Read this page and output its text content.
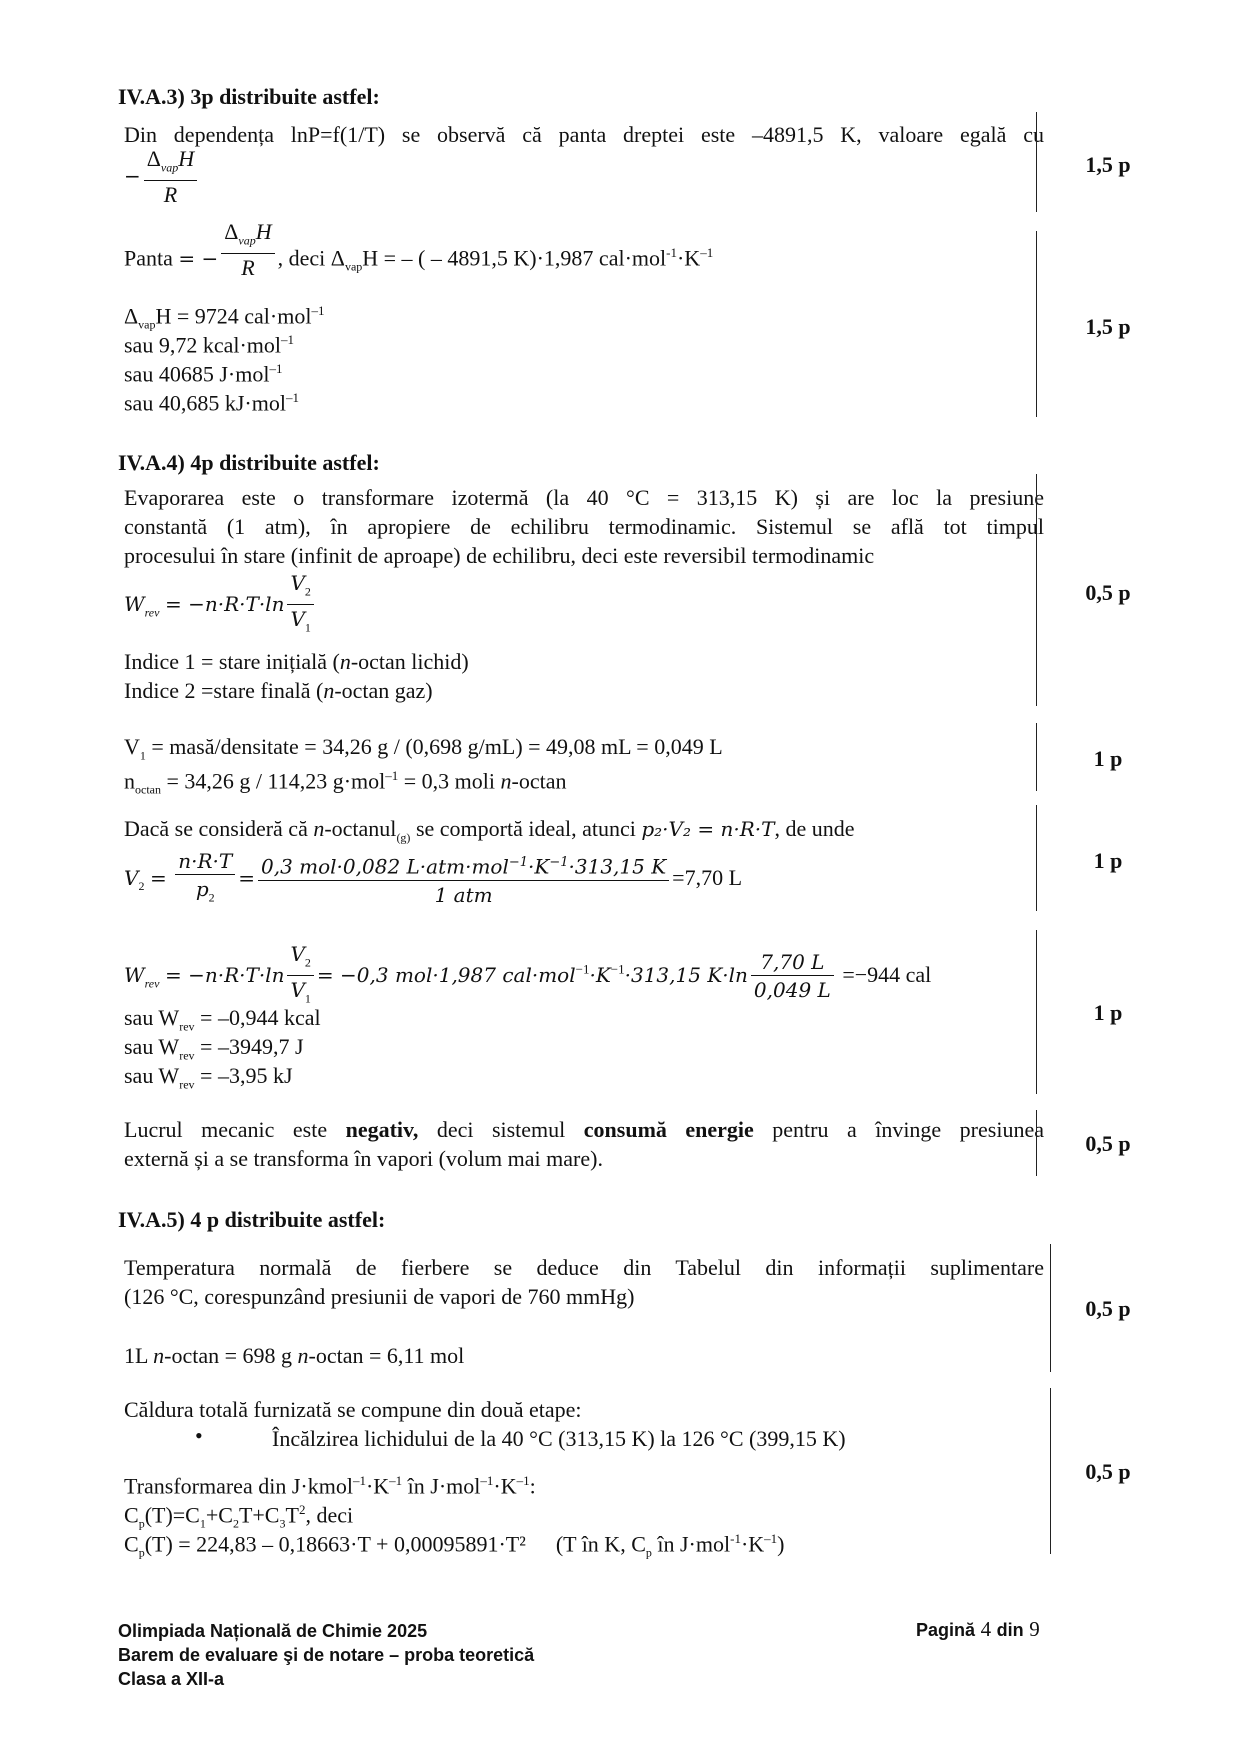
IV.A.3) 3p distribuite astfel:
Din dependența lnP=f(1/T) se observă că panta dreptei este –4891,5 K, valoare egală cu
− $\frac{\Delta_{vap}H}{R}$	1,5 p
Panta = − $\frac{\Delta_{vap}H}{R}$ , deci $\Delta_{vap}H$ = – ( – 4891,5 K)·1,987 $cal\cdot mol^{-1}\cdot K^{-1}$
$\Delta_{vap}H = 9724$ cal·mol$^{-1}$
sau 9,72 kcal·mol$^{-1}$
sau 40685 J·mol$^{-1}$
sau 40,685 kJ·mol$^{-1}$
1,5 p
IV.A.4) 4p distribuite astfel:
Evaporarea este o transformare izotermă (la 40 °C = 313,15 K) și are loc la presiune
constantă (1 atm), în apropiere de echilibru termodinamic. Sistemul se află tot timpul
procesului în stare (infinit de aproape) de echilibru, deci este reversibil termodinamic
$W_{rev} = -n\cdot R\cdot T\cdot\ln \frac{V_2}{V_1}$
Indice 1 = stare inițială (n-octan lichid)
Indice 2 =stare finală (n-octan gaz)
0,5 p
$V_1$ = masă/densitate = 34,26 g / (0,698 g/mL) = 49,08 mL = 0,049 L
$n_{octan} = 34,26$ g / 114,23 g·mol$^{-1}$ = 0,3 moli n-octan
1 p
Dacă se consideră că n-octanul$_{(g)}$ se comportă ideal, atunci p₂·V₂ = n·R·T, de unde
$V_2 = \frac{n\cdot R\cdot T}{p_2} = \frac{0,3 mol\cdot 0,082 L\cdot atm\cdot mol^{-1}\cdot K^{-1}\cdot 313,15 K}{\text{1 atm}} =7,70$ L
1 p
$W_{rev} = -n\cdot R\cdot T\cdot\ln \frac{V_2}{V_1} = -0,3$ mol·1,987 $cal\cdot mol^{-1}\cdot K^{-1}\cdot 313,15$ $K\cdot\ln \frac{7,70 L}{0,049 L} =-944$ cal
sau $W_{rev} = -0,944$ kcal
sau $W_{rev} = -3949,7$ J
sau $W_{rev} = -3,95$ kJ
1 p
Lucrul mecanic este negativ, deci sistemul consumă energie pentru a învinge presiunea
externă și a se transforma în vapori (volum mai mare).
0,5 p
IV.A.5) 4 p distribuite astfel:
Temperatura normală de fierbere se deduce din Tabelul din informații suplimentare
(126 °C, corespunzând presiunii de vapori de 760 mmHg)
1L n-octan = 698 g n-octan = 6,11 mol
0,5 p
Căldura totală furnizată se compune din două etape:
•	Încălzirea lichidului de la 40 °C (313,15 K) la 126 °C (399,15 K)
Transformarea din $J\cdot kmol^{-1}\cdot K^{-1}$ în $J\cdot mol^{-1}\cdot K^{-1}$:
$C_p(T)=C_1+C_2T+C_3T^2$, deci
$C_p(T) = 224,83 - 0,18663\cdot T + 0,00095891\cdot T^2$ (T în K, $C_p$ în $J\cdot mol^{-1}\cdot K^{-1}$)
0,5 p
Olimpiada Națională de Chimie 2025
Barem de evaluare şi de notare – proba teoretică
Clasa a XII-a
Pagină 4 din 9
